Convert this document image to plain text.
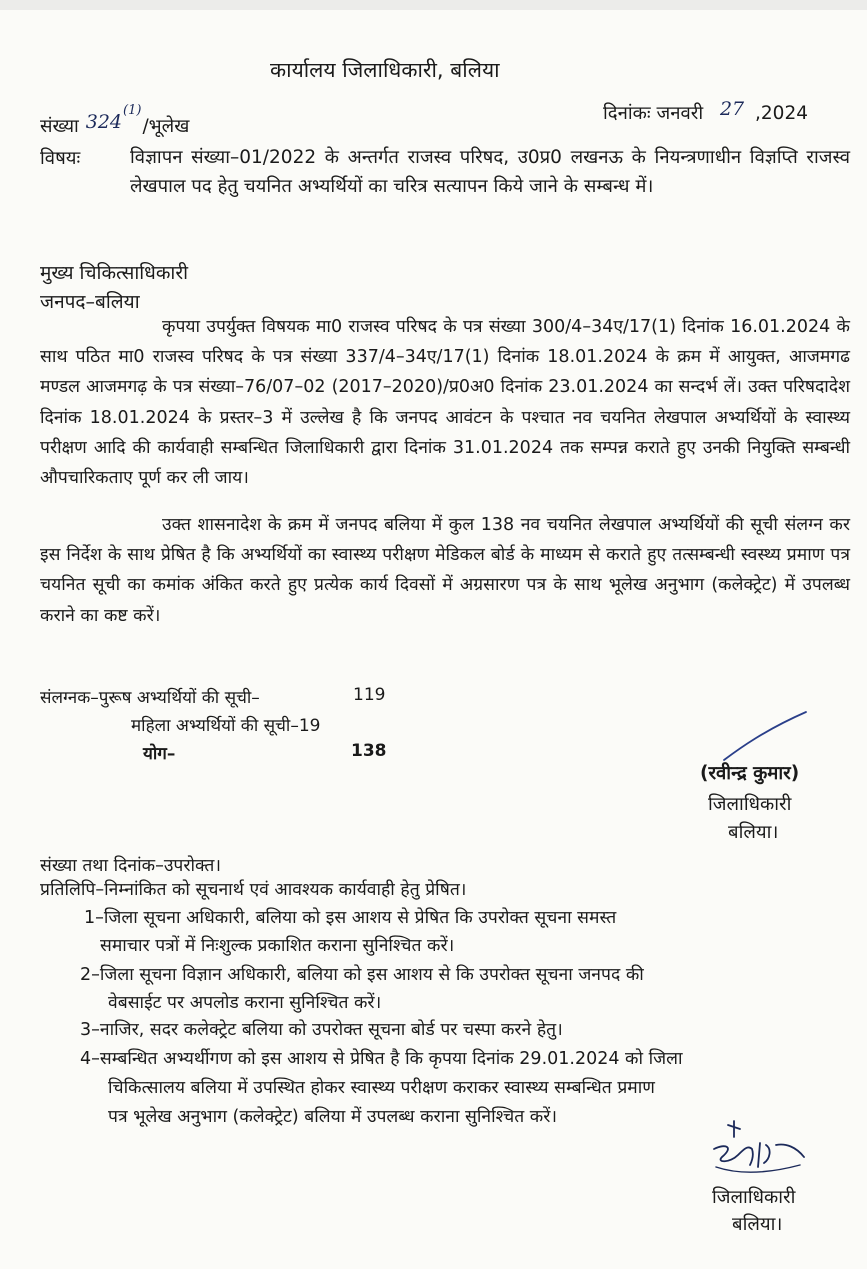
कार्यालय जिलाधिकारी, बलिया
संख्या 324$^{(1)}$/भूलेख
दिनांकः जनवरी 27 ,2024
विषयः	विज्ञापन संख्या–01/2022 के अन्तर्गत राजस्व परिषद, उ0प्र0 लखनऊ के नियन्त्रणाधीन विज्ञप्ति राजस्व लेखपाल पद हेतु चयनित अभ्यर्थियों का चरित्र सत्यापन किये जाने के सम्बन्ध में।
मुख्य चिकित्साधिकारी
जनपद–बलिया
कृपया उपर्युक्त विषयक मा0 राजस्व परिषद के पत्र संख्या 300/4–34ए/17(1) दिनांक 16.01.2024 के साथ पठित मा0 राजस्व परिषद के पत्र संख्या 337/4–34ए/17(1) दिनांक 18.01.2024 के क्रम में आयुक्त, आजमगढ मण्डल आजमगढ़ के पत्र संख्या–76/07–02 (2017–2020)/प्र0अ0 दिनांक 23.01.2024 का सन्दर्भ लें। उक्त परिषदादेश दिनांक 18.01.2024 के प्रस्तर–3 में उल्लेख है कि जनपद आवंटन के पश्चात नव चयनित लेखपाल अभ्यर्थियों के स्वास्थ्य परीक्षण आदि की कार्यवाही सम्बन्धित जिलाधिकारी द्वारा दिनांक 31.01.2024 तक सम्पन्न कराते हुए उनकी नियुक्ति सम्बन्धी औपचारिकताए पूर्ण कर ली जाय।
उक्त शासनादेश के क्रम में जनपद बलिया में कुल 138 नव चयनित लेखपाल अभ्यर्थियों की सूची संलग्न कर इस निर्देश के साथ प्रेषित है कि अभ्यर्थियों का स्वास्थ्य परीक्षण मेडिकल बोर्ड के माध्यम से कराते हुए तत्सम्बन्धी स्वस्थ्य प्रमाण पत्र चयनित सूची का कमांक अंकित करते हुए प्रत्येक कार्य दिवसों में अग्रसारण पत्र के साथ भूलेख अनुभाग (कलेक्ट्रेट) में उपलब्ध कराने का कष्ट करें।
संलग्नक–पुरूष अभ्यर्थियों की सूची–	119
महिला अभ्यर्थियों की सूची–19
योग–	138
(रवीन्द्र कुमार)
जिलाधिकारी
बलिया।
संख्या तथा दिनांक–उपरोक्त।
प्रतिलिपि–निम्नांकित को सूचनार्थ एवं आवश्यक कार्यवाही हेतु प्रेषित।
1–जिला सूचना अधिकारी, बलिया को इस आशय से प्रेषित कि उपरोक्त सूचना समस्त
समाचार पत्रों में निःशुल्क प्रकाशित कराना सुनिश्चित करें।
2–जिला सूचना विज्ञान अधिकारी, बलिया को इस आशय से कि उपरोक्त सूचना जनपद की
वेबसाईट पर अपलोड कराना सुनिश्चित करें।
3–नाजिर, सदर कलेक्ट्रेट बलिया को उपरोक्त सूचना बोर्ड पर चस्पा करने हेतु।
4–सम्बन्धित अभ्यर्थीगण को इस आशय से प्रेषित है कि कृपया दिनांक 29.01.2024 को जिला
चिकित्सालय बलिया में उपस्थित होकर स्वास्थ्य परीक्षण कराकर स्वास्थ्य सम्बन्धित प्रमाण
पत्र भूलेख अनुभाग (कलेक्ट्रेट) बलिया में उपलब्ध कराना सुनिश्चित करें।
जिलाधिकारी
बलिया।
